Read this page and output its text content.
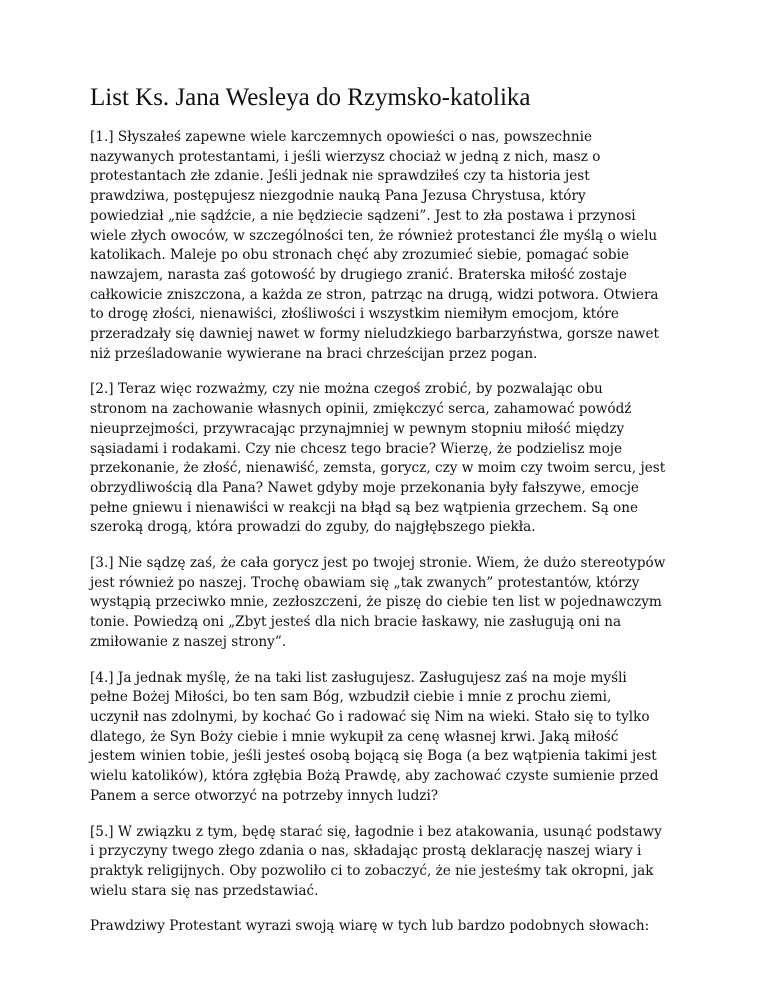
List Ks. Jana Wesleya do Rzymsko-katolika

[1.] Słyszałeś zapewne wiele karczemnych opowieści o nas, powszechnie
nazywanych protestantami, i jeśli wierzysz chociaż w jedną z nich, masz o
protestantach złe zdanie. Jeśli jednak nie sprawdziłeś czy ta historia jest
prawdziwa, postępujesz niezgodnie nauką Pana Jezusa Chrystusa, który
powiedział „nie sądźcie, a nie będziecie sądzeni”. Jest to zła postawa i przynosi
wiele złych owoców, w szczególności ten, że również protestanci źle myślą o wielu
katolikach. Maleje po obu stronach chęć aby zrozumieć siebie, pomagać sobie
nawzajem, narasta zaś gotowość by drugiego zranić. Braterska miłość zostaje
całkowicie zniszczona, a każda ze stron, patrząc na drugą, widzi potwora. Otwiera
to drogę złości, nienawiści, złośliwości i wszystkim niemiłym emocjom, które
przeradzały się dawniej nawet w formy nieludzkiego barbarzyństwa, gorsze nawet
niż prześladowanie wywierane na braci chrześcijan przez pogan.

[2.] Teraz więc rozważmy, czy nie można czegoś zrobić, by pozwalając obu
stronom na zachowanie własnych opinii, zmiękczyć serca, zahamować powódź
nieuprzejmości, przywracając przynajmniej w pewnym stopniu miłość między
sąsiadami i rodakami. Czy nie chcesz tego bracie? Wierzę, że podzielisz moje
przekonanie, że złość, nienawiść, zemsta, gorycz, czy w moim czy twoim sercu, jest
obrzydliwością dla Pana? Nawet gdyby moje przekonania były fałszywe, emocje
pełne gniewu i nienawiści w reakcji na błąd są bez wątpienia grzechem. Są one
szeroką drogą, która prowadzi do zguby, do najgłębszego piekła.

[3.] Nie sądzę zaś, że cała gorycz jest po twojej stronie. Wiem, że dużo stereotypów
jest również po naszej. Trochę obawiam się „tak zwanych” protestantów, którzy
wystąpią przeciwko mnie, zezłoszczeni, że piszę do ciebie ten list w pojednawczym
tonie. Powiedzą oni „Zbyt jesteś dla nich bracie łaskawy, nie zasługują oni na
zmiłowanie z naszej strony”.

[4.] Ja jednak myślę, że na taki list zasługujesz. Zasługujesz zaś na moje myśli
pełne Bożej Miłości, bo ten sam Bóg, wzbudził ciebie i mnie z prochu ziemi,
uczynił nas zdolnymi, by kochać Go i radować się Nim na wieki. Stało się to tylko
dlatego, że Syn Boży ciebie i mnie wykupił za cenę własnej krwi. Jaką miłość
jestem winien tobie, jeśli jesteś osobą bojącą się Boga (a bez wątpienia takimi jest
wielu katolików), która zgłębia Bożą Prawdę, aby zachować czyste sumienie przed
Panem a serce otworzyć na potrzeby innych ludzi?

[5.] W związku z tym, będę starać się, łagodnie i bez atakowania, usunąć podstawy
i przyczyny twego złego zdania o nas, składając prostą deklarację naszej wiary i
praktyk religijnych. Oby pozwoliło ci to zobaczyć, że nie jesteśmy tak okropni, jak
wielu stara się nas przedstawiać.

Prawdziwy Protestant wyrazi swoją wiarę w tych lub bardzo podobnych słowach:
